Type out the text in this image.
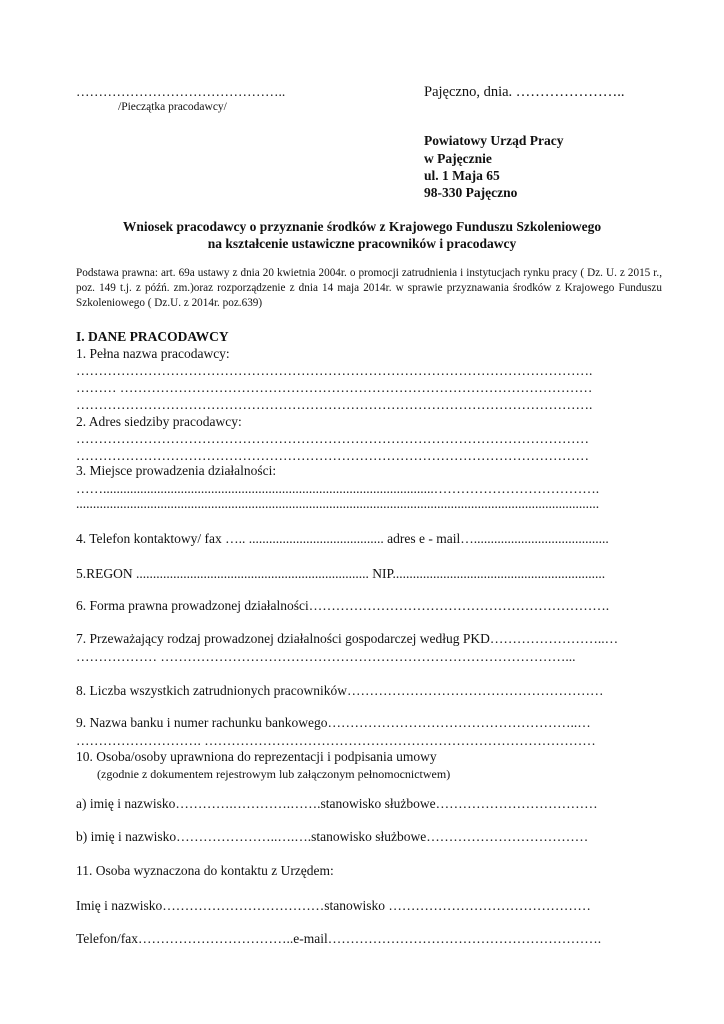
………………………………………..
/Pieczątka pracodawcy/
Pajęczno, dnia. …………………..
Powiatowy Urząd Pracy
w Pajęcznie
ul. 1 Maja 65
98-330 Pajęczno
Wniosek pracodawcy o przyznanie środków z Krajowego Funduszu Szkoleniowego
na kształcenie ustawiczne pracowników i pracodawcy
Podstawa prawna: art. 69a ustawy z dnia 20 kwietnia 2004r. o promocji zatrudnienia i instytucjach rynku pracy ( Dz. U. z 2015 r., poz. 149 t.j. z późń. zm.)oraz rozporządzenie z dnia 14 maja 2014r. w sprawie przyznawania środków z Krajowego Funduszu Szkoleniowego ( Dz.U. z 2014r. poz.639)
I. DANE PRACODAWCY
1. Pełna nazwa pracodawcy:
…………………………………………………………………………………………………….
……… ……………………………………………………………………………………………
…………………………………………………………………………………………………….
2. Adres siedziby pracodawcy:
……………………………………………………………………………………………………
……………………………………………………………………………………………………
3. Miejsce prowadzenia działalności:
……..................................................................................................……………………………….
...........................................................................................................................................................
4. Telefon kontaktowy/ fax ….. ........................................ adres e - mail…........................................
5.REGON ..................................................................... NIP...............................................................
6. Forma prawna prowadzonej działalności………………………………………………………….
7. Przeważający rodzaj prowadzonej działalności gospodarczej według PKD……………………..…
……………… ………………………………………………………………………………...
8. Liczba wszystkich zatrudnionych pracowników…………………………………………………
9. Nazwa banku i numer rachunku bankowego………………………………………………..…
………………………. ……………………………………………………………………………
10. Osoba/osoby uprawniona do reprezentacji i podpisania umowy
(zgodnie z dokumentem rejestrowym lub załączonym pełnomocnictwem)
a) imię i nazwisko………….………….…….stanowisko służbowe………………………………
b) imię i nazwisko…………………..….….stanowisko służbowe………………………………
11. Osoba wyznaczona do kontaktu z Urzędem:
Imię i nazwisko………………………………stanowisko ………………………………………
Telefon/fax……………………………..e-mail…………………………………………………….
